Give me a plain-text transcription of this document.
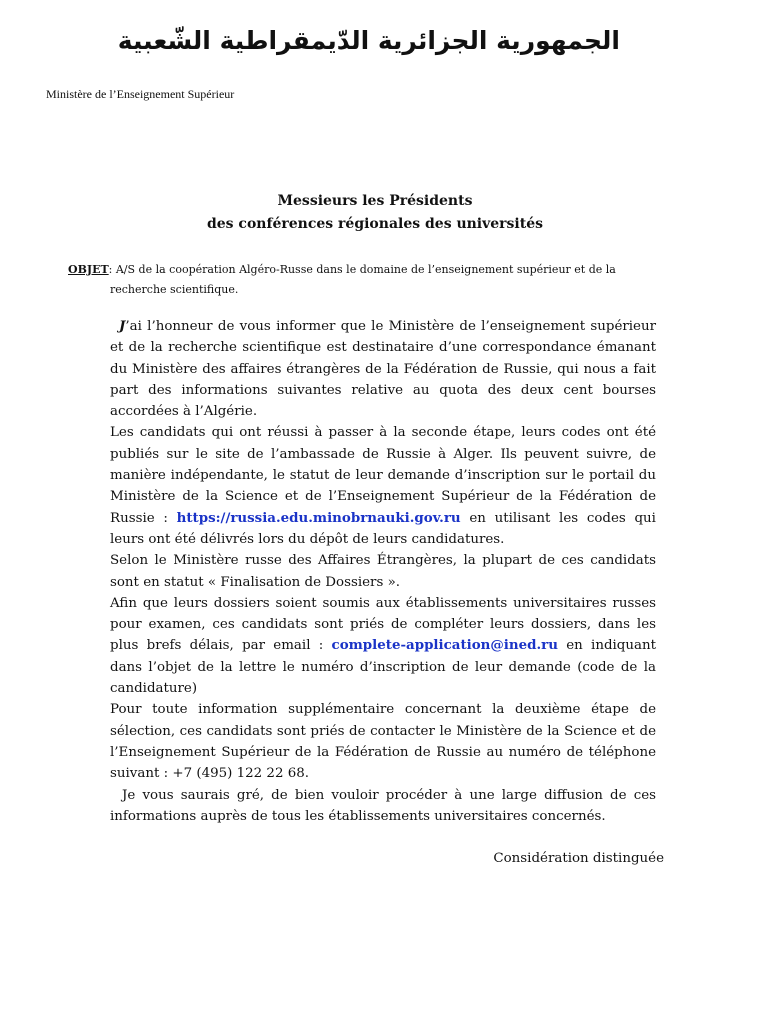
الجمهورية الجزائرية الدّيمقراطية الشّعبية
Ministère de l’Enseignement Supérieur
Messieurs les Présidents
des conférences régionales des universités
OBJET: A/S de la coopération Algéro-Russe dans le domaine de l’enseignement supérieur et de la
recherche scientifique.

J’ai l’honneur de vous informer que le Ministère de l’enseignement supérieur et de la recherche scientifique est destinataire d’une correspondance émanant du Ministère des affaires étrangères de la Fédération de Russie, qui nous a fait part des informations suivantes relative au quota des deux cent bourses accordées à l’Algérie.

Les candidats qui ont réussi à passer à la seconde étape, leurs codes ont été publiés sur le site de l’ambassade de Russie à Alger. Ils peuvent suivre, de manière indépendante, le statut de leur demande d’inscription sur le portail du Ministère de la Science et de l’Enseignement Supérieur de la Fédération de Russie : https://russia.edu.minobrnauki.gov.ru en utilisant les codes qui leurs ont été délivrés lors du dépôt de leurs candidatures.

Selon le Ministère russe des Affaires Étrangères, la plupart de ces candidats sont en statut « Finalisation de Dossiers ».

Afin que leurs dossiers soient soumis aux établissements universitaires russes pour examen, ces candidats sont priés de compléter leurs dossiers, dans les plus brefs délais, par email : complete-application@ined.ru en indiquant dans l’objet de la lettre le numéro d’inscription de leur demande (code de la candidature)

Pour toute information supplémentaire concernant la deuxième étape de sélection, ces candidats sont priés de contacter le Ministère de la Science et de l’Enseignement Supérieur de la Fédération de Russie au numéro de téléphone suivant : +7 (495) 122 22 68.

Je vous saurais gré, de bien vouloir procéder à une large diffusion de ces informations auprès de tous les établissements universitaires concernés.

Considération distinguée
